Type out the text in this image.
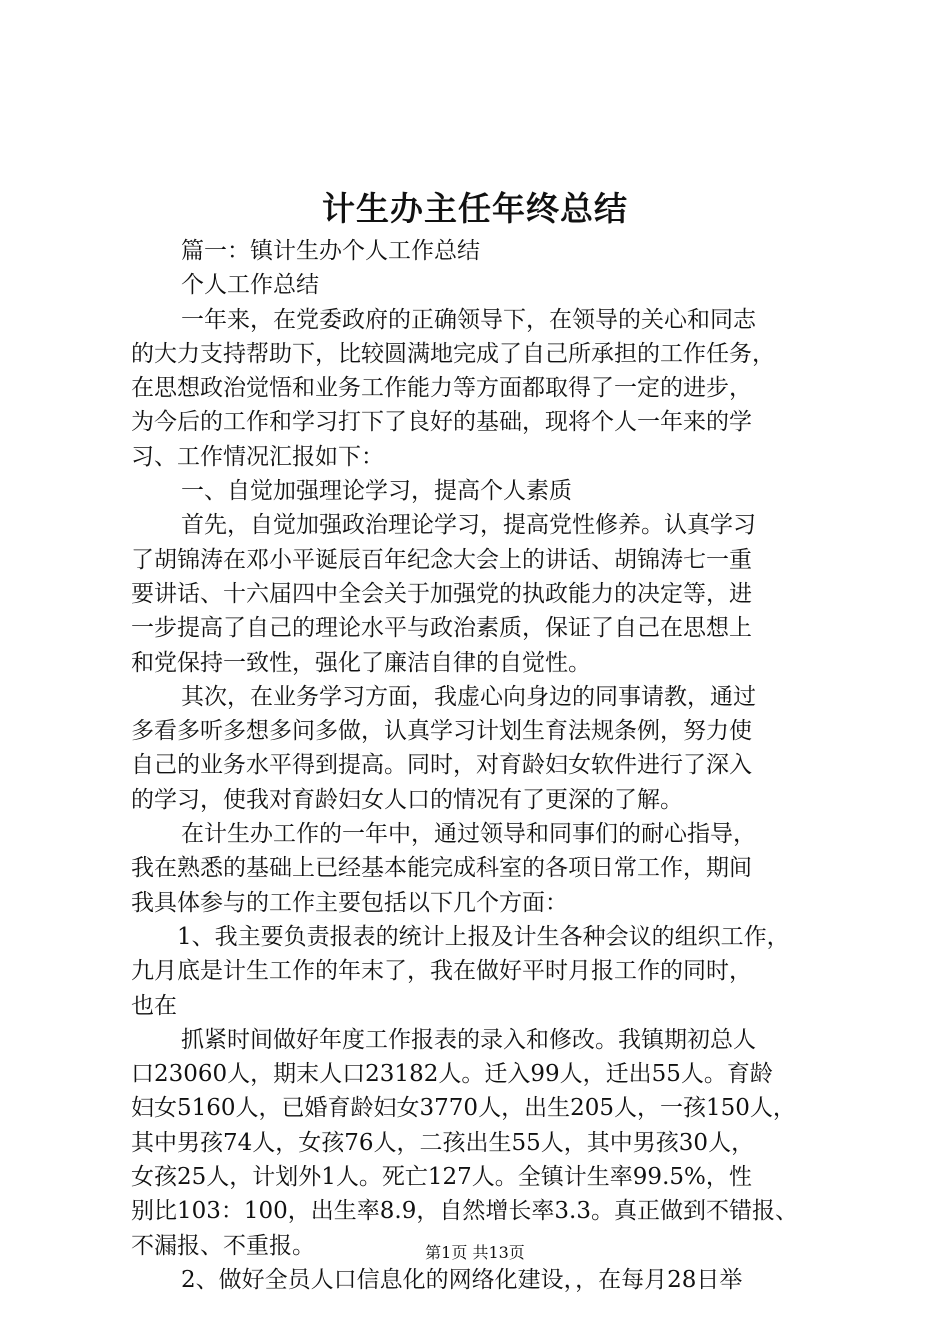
计生办主任年终总结
篇一：镇计生办个人工作总结
个人工作总结
一年来，在党委政府的正确领导下，在领导的关心和同志
的大力支持帮助下，比较圆满地完成了自己所承担的工作任务，
在思想政治觉悟和业务工作能力等方面都取得了一定的进步，
为今后的工作和学习打下了良好的基础，现将个人一年来的学
习、工作情况汇报如下：
一、自觉加强理论学习，提高个人素质
首先，自觉加强政治理论学习，提高党性修养。认真学习
了胡锦涛在邓小平诞辰百年纪念大会上的讲话、胡锦涛七一重
要讲话、十六届四中全会关于加强党的执政能力的决定等，进
一步提高了自己的理论水平与政治素质，保证了自己在思想上
和党保持一致性，强化了廉洁自律的自觉性。
其次，在业务学习方面，我虚心向身边的同事请教，通过
多看多听多想多问多做，认真学习计划生育法规条例，努力使
自己的业务水平得到提高。同时，对育龄妇女软件进行了深入
的学习，使我对育龄妇女人口的情况有了更深的了解。
在计生办工作的一年中，通过领导和同事们的耐心指导，
我在熟悉的基础上已经基本能完成科室的各项日常工作，期间
我具体参与的工作主要包括以下几个方面：
1、我主要负责报表的统计上报及计生各种会议的组织工作，
九月底是计生工作的年末了，我在做好平时月报工作的同时，
也在
抓紧时间做好年度工作报表的录入和修改。我镇期初总人
口23060人，期末人口23182人。迁入99人，迁出55人。育龄
妇女5160人，已婚育龄妇女3770人，出生205人，一孩150人，
其中男孩74人，女孩76人，二孩出生55人，其中男孩30人，
女孩25人，计划外1人。死亡127人。全镇计生率99.5%，性
别比103：100，出生率8.9，自然增长率3.3。真正做到不错报、
不漏报、不重报。
2、做好全员人口信息化的网络化建设，，在每月28日举
第1页 共13页
